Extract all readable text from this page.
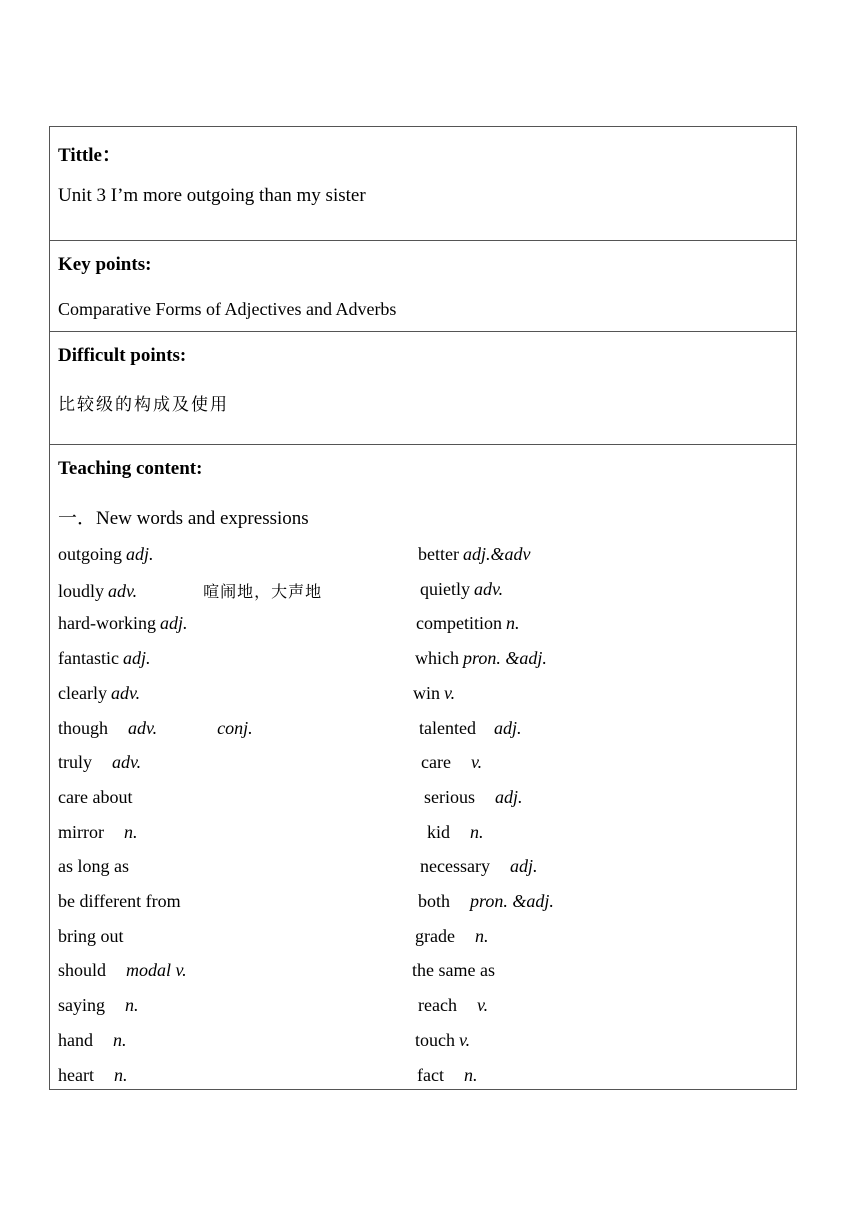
Tittle：
Unit 3 I’m more outgoing than my sister
Key points:
Comparative Forms of Adjectives and Adverbs
Difficult points:
比较级的构成及使用
Teaching content:
一．New words and expressions
outgoing adj.	better adj.&adv
loudly adv.	喧闹地，大声地	quietly adv.
hard-working adj.	competition n.
fantastic adj.	which pron. &adj.
clearly adv.	win v.
though adv.	conj.	talented adj.
truly adv.	care v.
care about	serious adj.
mirror n.	kid n.
as long as	necessary adj.
be different from	both pron. &adj.
bring out	grade n.
should modal v.	the same as
saying n.	reach v.
hand n.	touch v.
heart n.	fact n.
